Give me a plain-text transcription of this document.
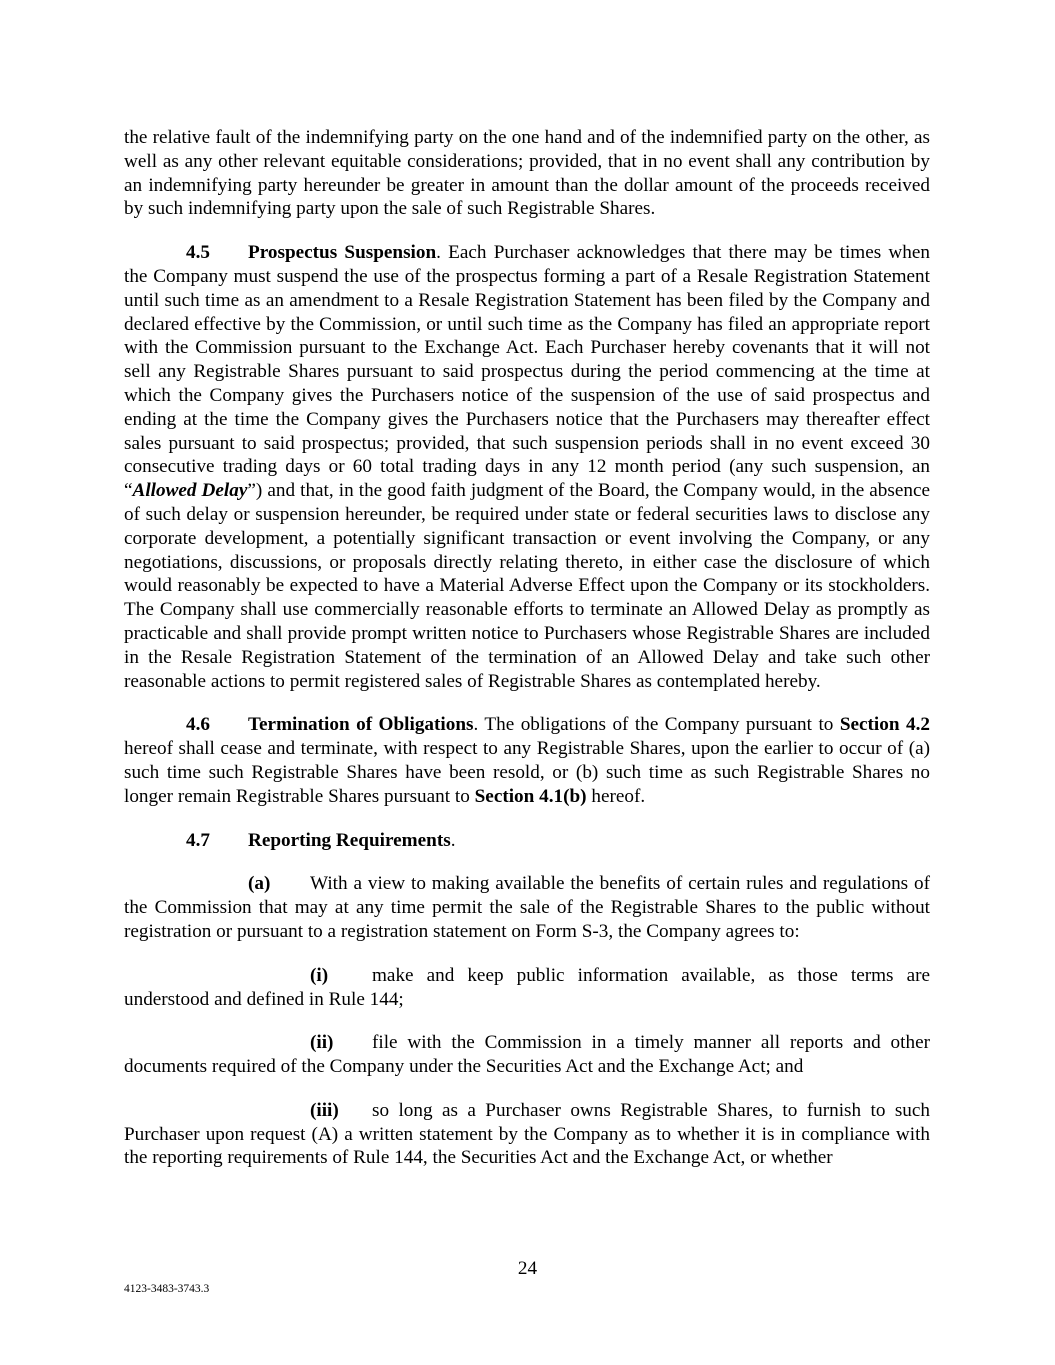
the relative fault of the indemnifying party on the one hand and of the indemnified party on the other, as well as any other relevant equitable considerations; provided, that in no event shall any contribution by an indemnifying party hereunder be greater in amount than the dollar amount of the proceeds received by such indemnifying party upon the sale of such Registrable Shares.

4.5 Prospectus Suspension. Each Purchaser acknowledges that there may be times when the Company must suspend the use of the prospectus forming a part of a Resale Registration Statement until such time as an amendment to a Resale Registration Statement has been filed by the Company and declared effective by the Commission, or until such time as the Company has filed an appropriate report with the Commission pursuant to the Exchange Act. Each Purchaser hereby covenants that it will not sell any Registrable Shares pursuant to said prospectus during the period commencing at the time at which the Company gives the Purchasers notice of the suspension of the use of said prospectus and ending at the time the Company gives the Purchasers notice that the Purchasers may thereafter effect sales pursuant to said prospectus; provided, that such suspension periods shall in no event exceed 30 consecutive trading days or 60 total trading days in any 12 month period (any such suspension, an “Allowed Delay”) and that, in the good faith judgment of the Board, the Company would, in the absence of such delay or suspension hereunder, be required under state or federal securities laws to disclose any corporate development, a potentially significant transaction or event involving the Company, or any negotiations, discussions, or proposals directly relating thereto, in either case the disclosure of which would reasonably be expected to have a Material Adverse Effect upon the Company or its stockholders. The Company shall use commercially reasonable efforts to terminate an Allowed Delay as promptly as practicable and shall provide prompt written notice to Purchasers whose Registrable Shares are included in the Resale Registration Statement of the termination of an Allowed Delay and take such other reasonable actions to permit registered sales of Registrable Shares as contemplated hereby.

4.6 Termination of Obligations. The obligations of the Company pursuant to Section 4.2 hereof shall cease and terminate, with respect to any Registrable Shares, upon the earlier to occur of (a) such time such Registrable Shares have been resold, or (b) such time as such Registrable Shares no longer remain Registrable Shares pursuant to Section 4.1(b) hereof.

4.7 Reporting Requirements.

(a) With a view to making available the benefits of certain rules and regulations of the Commission that may at any time permit the sale of the Registrable Shares to the public without registration or pursuant to a registration statement on Form S-3, the Company agrees to:

(i) make and keep public information available, as those terms are understood and defined in Rule 144;

(ii) file with the Commission in a timely manner all reports and other documents required of the Company under the Securities Act and the Exchange Act; and

(iii) so long as a Purchaser owns Registrable Shares, to furnish to such Purchaser upon request (A) a written statement by the Company as to whether it is in compliance with the reporting requirements of Rule 144, the Securities Act and the Exchange Act, or whether

24
4123-3483-3743.3
